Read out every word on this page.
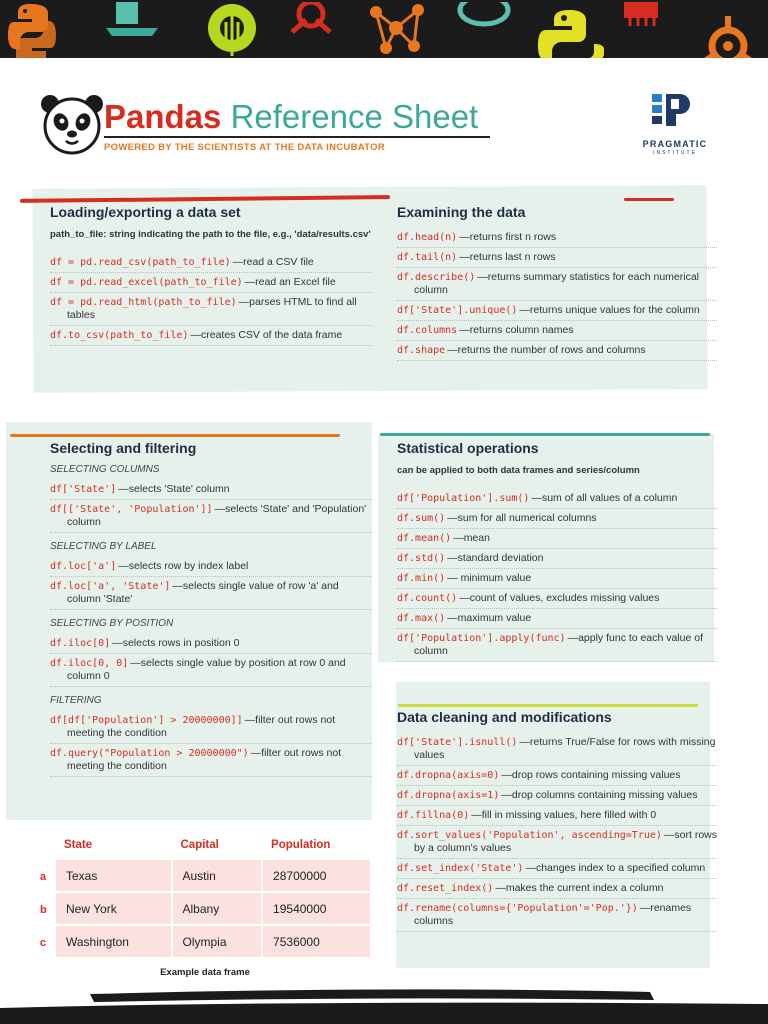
Pandas Reference Sheet
POWERED BY THE SCIENTISTS AT THE DATA INCUBATOR	PRAGMATIC
INSTITUTE
Loading/exporting a data set
path_to_file: string indicating the path to the file, e.g., 'data/results.csv'
df = pd.read_csv(path_to_file) —read a CSV file
df = pd.read_excel(path_to_file) —read an Excel file
df = pd.read_html(path_to_file) —parses HTML to find all tables
df.to_csv(path_to_file) —creates CSV of the data frame
Examining the data
df.head(n) —returns first n rows
df.tail(n) —returns last n rows
df.describe() —returns summary statistics for each numerical column
df['State'].unique() —returns unique values for the column
df.columns —returns column names
df.shape —returns the number of rows and columns
Selecting and filtering
SELECTING COLUMNS
df['State'] —selects 'State' column
df[['State', 'Population']] —selects 'State' and 'Population' column
SELECTING BY LABEL
df.loc['a'] —selects row by index label
df.loc['a', 'State'] —selects single value of row 'a' and column 'State'
SELECTING BY POSITION
df.iloc[0] —selects rows in position 0
df.iloc[0, 0] —selects single value by position at row 0 and column 0
FILTERING
df[df['Population'] > 20000000]] —filter out rows not meeting the condition
df.query("Population > 20000000") —filter out rows not meeting the condition
Statistical operations
can be applied to both data frames and series/column
df['Population'].sum() —sum of all values of a column
df.sum() —sum for all numerical columns
df.mean() —mean
df.std() —standard deviation
df.min() — minimum value
df.count() —count of values, excludes missing values
df.max() —maximum value
df['Population'].apply(func) —apply func to each value of column
Data cleaning and modifications
df['State'].isnull() —returns True/False for rows with missing values
df.dropna(axis=0) —drop rows containing missing values
df.dropna(axis=1) —drop columns containing missing values
df.fillna(0) —fill in missing values, here filled with 0
df.sort_values('Population', ascending=True) —sort rows by a column's values
df.set_index('State') —changes index to a specified column
df.reset_index() —makes the current index a column
df.rename(columns={'Population'='Pop.'}) —renames columns
	State	Capital	Population
a	Texas	Austin	28700000
b	New York	Albany	19540000
c	Washington	Olympia	7536000
Example data frame
